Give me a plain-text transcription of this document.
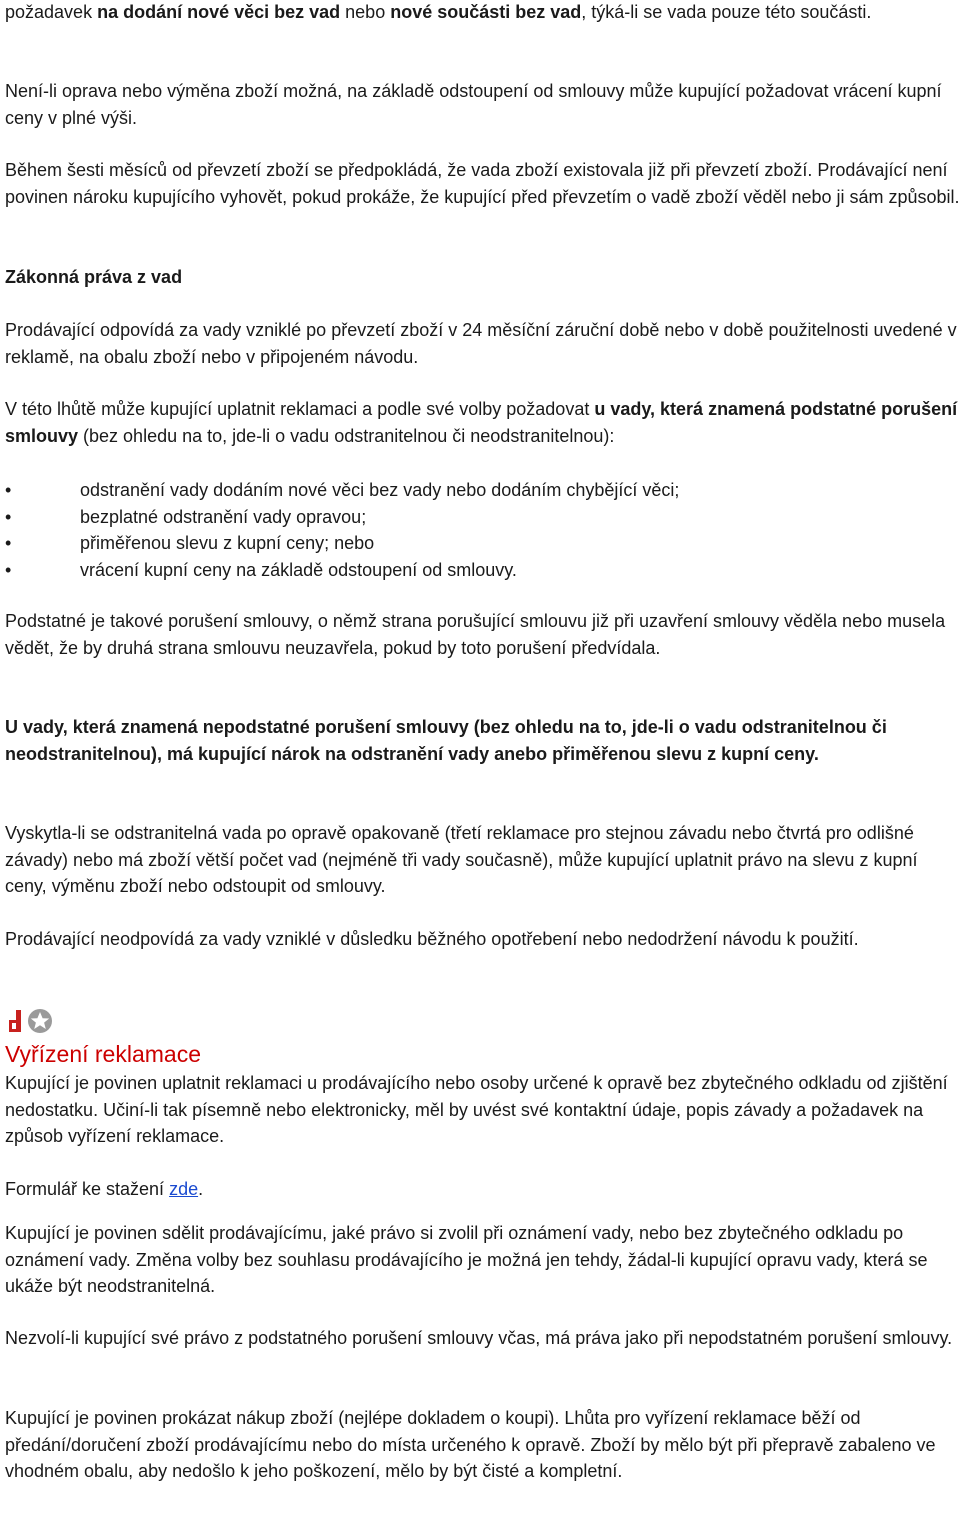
požadavek na dodání nové věci bez vad nebo nové součásti bez vad, týká-li se vada pouze této součásti.

Není-li oprava nebo výměna zboží možná, na základě odstoupení od smlouvy může kupující požadovat vrácení kupní ceny v plné výši.

Během šesti měsíců od převzetí zboží se předpokládá, že vada zboží existovala již při převzetí zboží. Prodávající není povinen nároku kupujícího vyhovět, pokud prokáže, že kupující před převzetím o vadě zboží věděl nebo ji sám způsobil.

Zákonná práva z vad

Prodávající odpovídá za vady vzniklé po převzetí zboží v 24 měsíční záruční době nebo v době použitelnosti uvedené v reklamě, na obalu zboží nebo v připojeném návodu.

V této lhůtě může kupující uplatnit reklamaci a podle své volby požadovat u vady, která znamená podstatné porušení smlouvy (bez ohledu na to, jde-li o vadu odstranitelnou či neodstranitelnou):

•	odstranění vady dodáním nové věci bez vady nebo dodáním chybějící věci;
•	bezplatné odstranění vady opravou;
•	přiměřenou slevu z kupní ceny; nebo
•	vrácení kupní ceny na základě odstoupení od smlouvy.

Podstatné je takové porušení smlouvy, o němž strana porušující smlouvu již při uzavření smlouvy věděla nebo musela vědět, že by druhá strana smlouvu neuzavřela, pokud by toto porušení předvídala.

U vady, která znamená nepodstatné porušení smlouvy (bez ohledu na to, jde-li o vadu odstranitelnou či neodstranitelnou), má kupující nárok na odstranění vady anebo přiměřenou slevu z kupní ceny.

Vyskytla-li se odstranitelná vada po opravě opakovaně (třetí reklamace pro stejnou závadu nebo čtvrtá pro odlišné závady) nebo má zboží větší počet vad (nejméně tři vady současně), může kupující uplatnit právo na slevu z kupní ceny, výměnu zboží nebo odstoupit od smlouvy.

Prodávající neodpovídá za vady vzniklé v důsledku běžného opotřebení nebo nedodržení návodu k použití.

Vyřízení reklamace

Kupující je povinen uplatnit reklamaci u prodávajícího nebo osoby určené k opravě bez zbytečného odkladu od zjištění nedostatku. Učiní-li tak písemně nebo elektronicky, měl by uvést své kontaktní údaje, popis závady a požadavek na způsob vyřízení reklamace.

Formulář ke stažení zde.

Kupující je povinen sdělit prodávajícímu, jaké právo si zvolil při oznámení vady, nebo bez zbytečného odkladu po oznámení vady. Změna volby bez souhlasu prodávajícího je možná jen tehdy, žádal-li kupující opravu vady, která se ukáže být neodstranitelná.

Nezvolí-li kupující své právo z podstatného porušení smlouvy včas, má práva jako při nepodstatném porušení smlouvy.

Kupující je povinen prokázat nákup zboží (nejlépe dokladem o koupi). Lhůta pro vyřízení reklamace běží od předání/doručení zboží prodávajícímu nebo do místa určeného k opravě. Zboží by mělo být při přepravě zabaleno ve vhodném obalu, aby nedošlo k jeho poškození, mělo by být čisté a kompletní.
